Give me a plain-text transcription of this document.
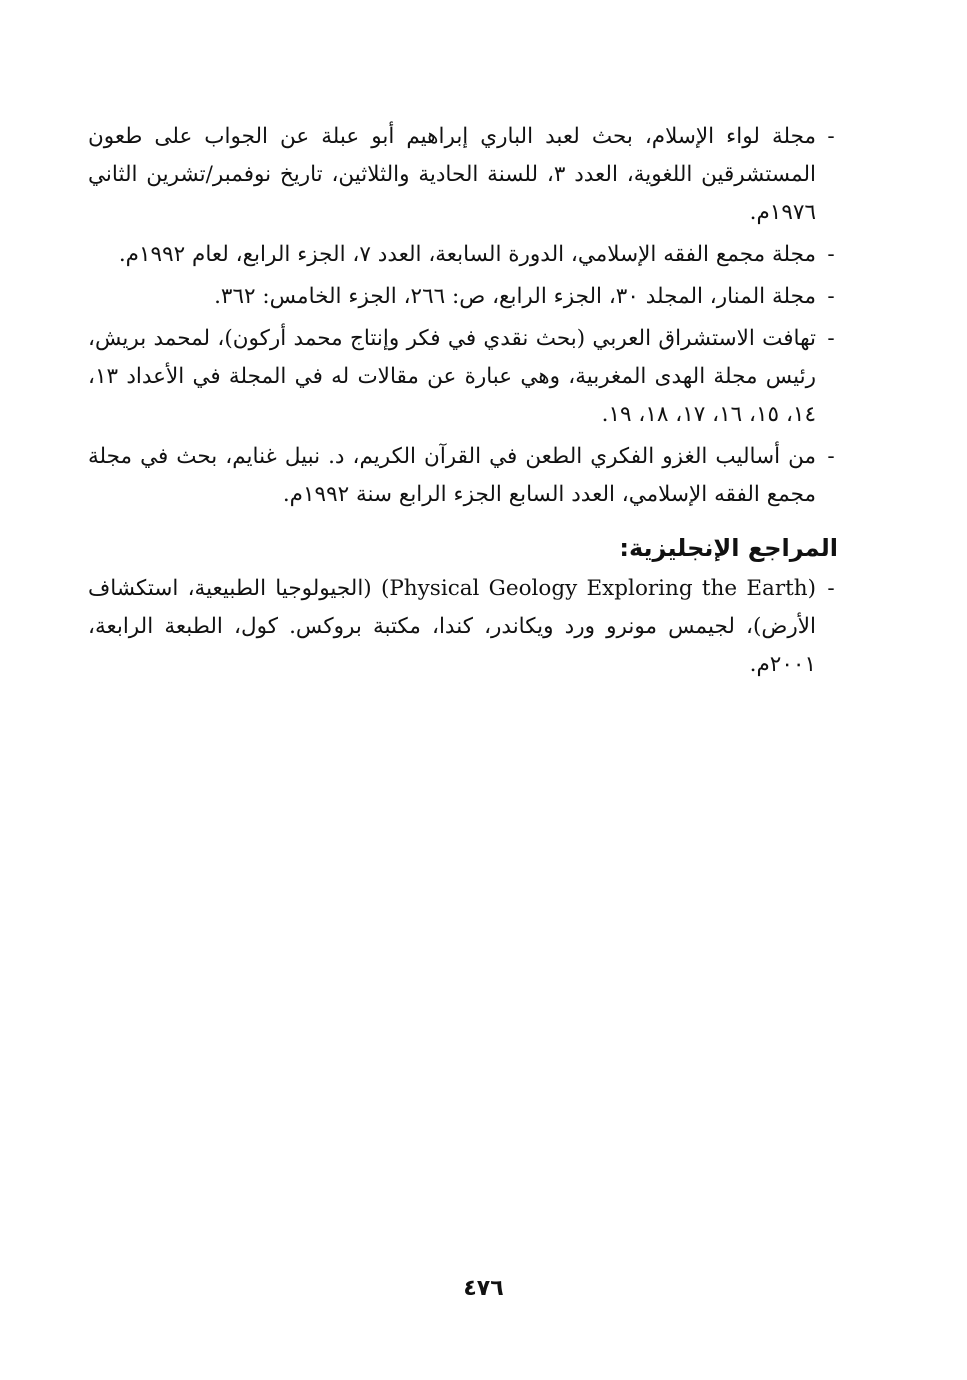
-
مجلة لواء الإسلام، بحث لعبد الباري إبراهيم أبو عبلة عن الجواب على طعون المستشرقين اللغوية، العدد ٣، للسنة الحادية والثلاثين، تاريخ نوفمبر/تشرين الثاني ١٩٧٦م.
-
مجلة مجمع الفقه الإسلامي، الدورة السابعة، العدد ٧، الجزء الرابع، لعام ١٩٩٢م.
-
مجلة المنار، المجلد ٣٠، الجزء الرابع، ص: ٢٦٦، الجزء الخامس: ٣٦٢.
-
تهافت الاستشراق العربي (بحث نقدي في فكر وإنتاج محمد أركون)، لمحمد بريش، رئيس مجلة الهدى المغربية، وهي عبارة عن مقالات له في المجلة في الأعداد ١٣، ١٤، ١٥، ١٦، ١٧، ١٨، ١٩.
-
من أساليب الغزو الفكري الطعن في القرآن الكريم، د. نبيل غنايم، بحث في مجلة مجمع الفقه الإسلامي، العدد السابع الجزء الرابع سنة ١٩٩٢م.
المراجع الإنجليزية:
-
(Physical Geology Exploring the Earth) (الجيولوجيا الطبيعية، استكشاف الأرض)، لجيمس مونرو ورد ويكاندر، كندا، مكتبة بروكس. كول، الطبعة الرابعة، ٢٠٠١م.
٤٧٦
